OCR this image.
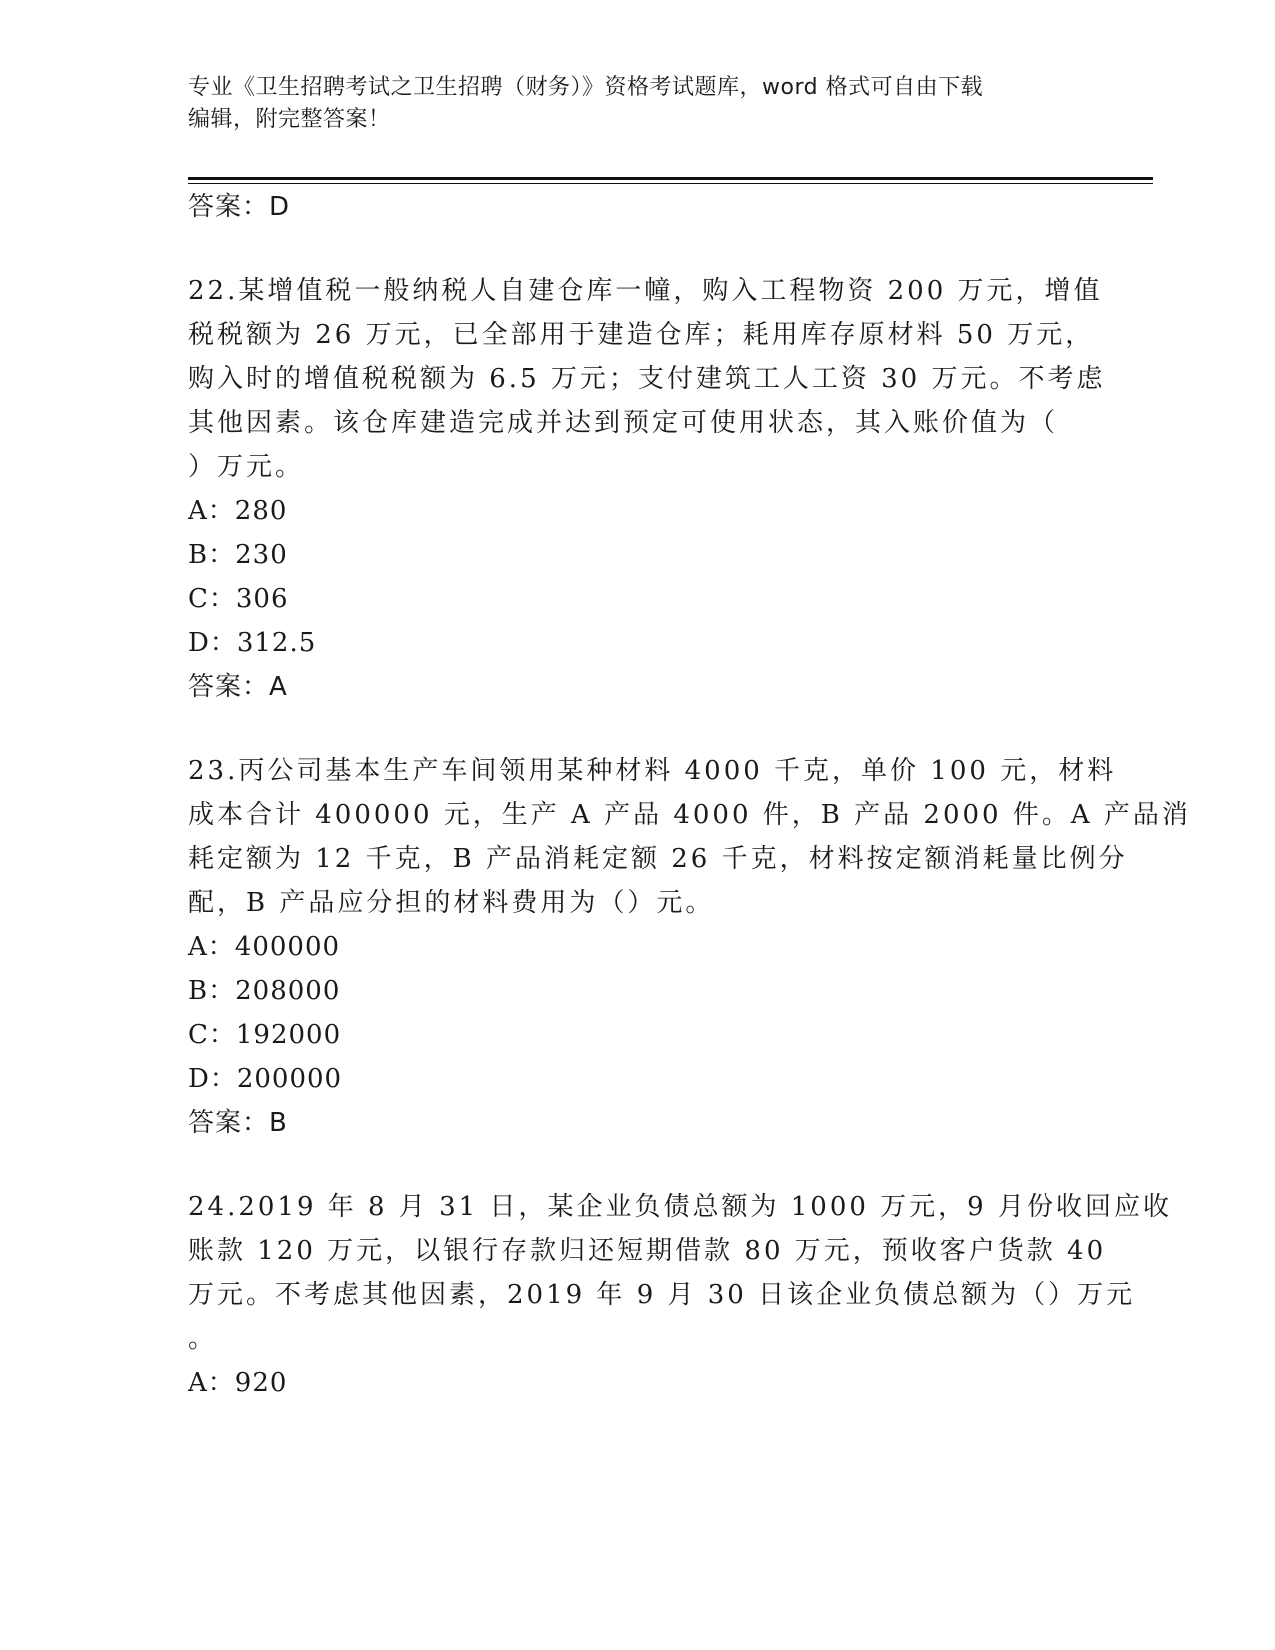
专业《卫生招聘考试之卫生招聘（财务）》资格考试题库，word 格式可自由下载
编辑，附完整答案！
答案：D
22.某增值税一般纳税人自建仓库一幢，购入工程物资 200 万元，增值
税税额为 26 万元，已全部用于建造仓库；耗用库存原材料 50 万元，
购入时的增值税税额为 6.5 万元；支付建筑工人工资 30 万元。不考虑
其他因素。该仓库建造完成并达到预定可使用状态，其入账价值为（
）万元。
A：280
B：230
C：306
D：312.5
答案：A
23.丙公司基本生产车间领用某种材料 4000 千克，单价 100 元，材料
成本合计 400000 元，生产 A 产品 4000 件，B 产品 2000 件。A 产品消
耗定额为 12 千克，B 产品消耗定额 26 千克，材料按定额消耗量比例分
配，B 产品应分担的材料费用为（）元。
A：400000
B：208000
C：192000
D：200000
答案：B
24.2019 年 8 月 31 日，某企业负债总额为 1000 万元，9 月份收回应收
账款 120 万元，以银行存款归还短期借款 80 万元，预收客户货款 40
万元。不考虑其他因素，2019 年 9 月 30 日该企业负债总额为（）万元
。
A：920
